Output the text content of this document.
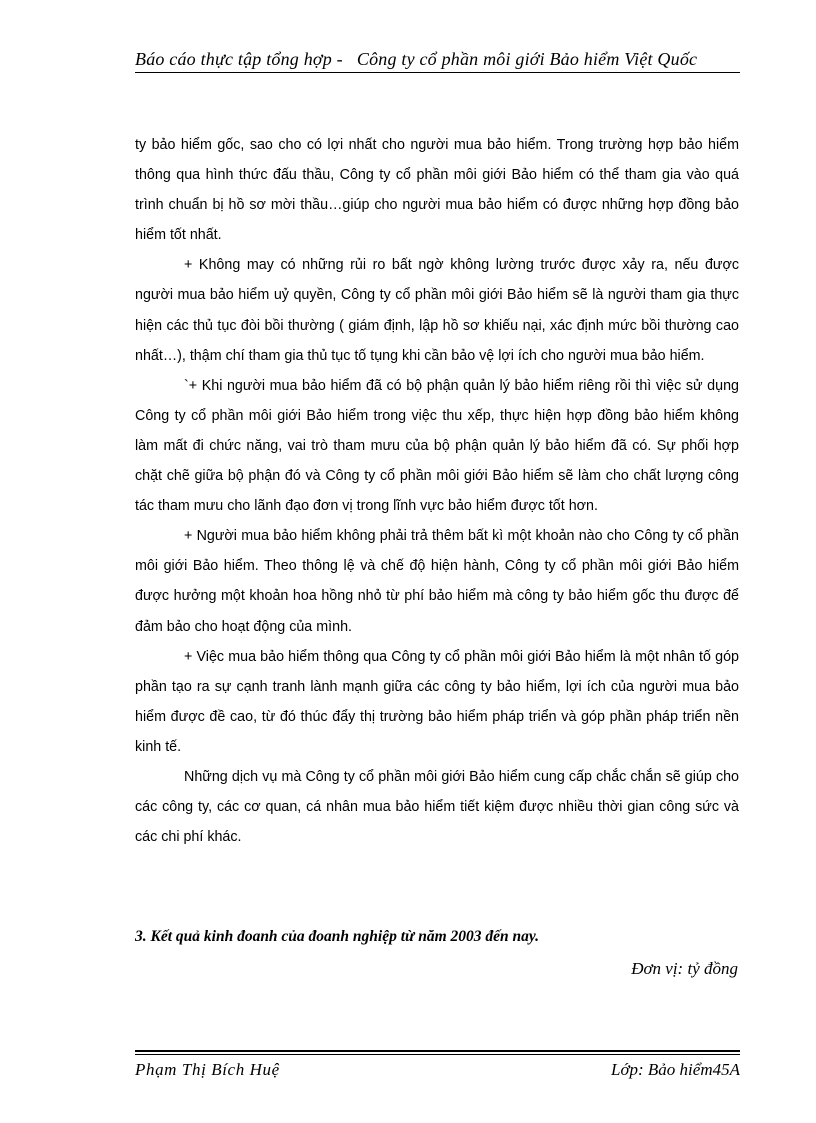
Báo cáo thực tập tổng hợp -   Công ty cổ phần môi giới Bảo hiểm Việt Quốc

ty bảo hiểm gốc, sao cho có lợi nhất cho người mua bảo hiểm. Trong trường hợp bảo hiểm thông qua hình thức đấu thầu, Công ty cổ phần môi giới Bảo hiểm có thể tham gia vào quá trình chuẩn bị hồ sơ mời thầu…giúp cho người mua bảo hiểm có được những hợp đồng bảo hiểm tốt nhất.

+ Không may có những rủi ro bất ngờ không lường trước được xảy ra, nếu được người mua bảo hiểm uỷ quyền, Công ty cổ phần môi giới Bảo hiểm sẽ là người tham gia thực hiện các thủ tục đòi bồi thường ( giám định, lập hồ sơ khiếu nại, xác định mức bồi thường cao nhất…), thậm chí tham gia thủ tục tố tụng khi cần bảo vệ lợi ích cho người mua bảo hiểm.

`+ Khi người mua bảo hiểm đã có bộ phận quản lý bảo hiểm riêng rồi thì việc sử dụng Công ty cổ phần môi giới Bảo hiểm trong việc thu xếp, thực hiện hợp đồng bảo hiểm không làm mất đi chức năng, vai trò tham mưu của bộ phận quản lý bảo hiểm đã có. Sự phối hợp chặt chẽ giữa bộ phận đó và Công ty cổ phần môi giới Bảo hiểm sẽ làm cho chất lượng công tác tham mưu cho lãnh đạo đơn vị trong lĩnh vực bảo hiểm được tốt hơn.

+ Người mua bảo hiểm không phải trả thêm bất kì một khoản nào cho Công ty cổ phần môi giới Bảo hiểm. Theo thông lệ và chế độ hiện hành, Công ty cổ phần môi giới Bảo hiểm được hưởng một khoản hoa hồng nhỏ từ phí bảo hiểm mà công ty bảo hiểm gốc thu được để đảm bảo cho hoạt động của mình.

+ Việc mua bảo hiểm thông qua Công ty cổ phần môi giới Bảo hiểm là một nhân tố góp phần tạo ra sự cạnh tranh lành mạnh giữa các công ty bảo hiểm, lợi ích của người mua bảo hiểm được đề cao, từ đó thúc đẩy thị trường bảo hiểm pháp triển và góp phần pháp triển nền kinh tế.

Những dịch vụ mà Công ty cổ phần môi giới Bảo hiểm cung cấp chắc chắn sẽ giúp cho các công ty, các cơ quan, cá nhân mua bảo hiểm tiết kiệm được nhiều thời gian công sức và các chi phí khác.

3. Kết quả kinh đoanh của đoanh nghiệp từ năm 2003 đến nay.
Đơn vị: tỷ đồng
Phạm Thị Bích Huệ	Lớp: Bảo hiểm45A
